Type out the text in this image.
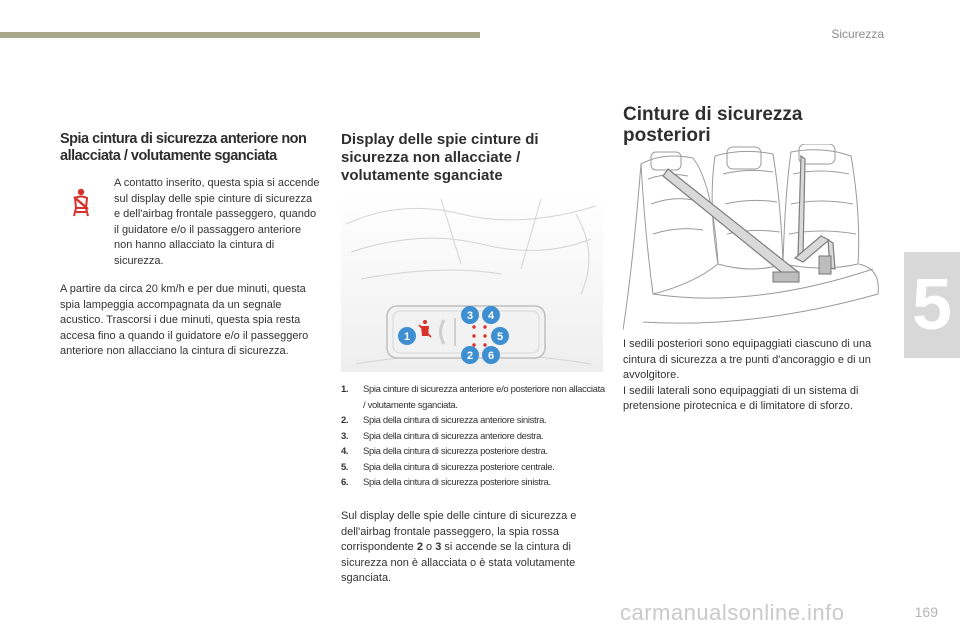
Sicurezza
5
Spia cintura di sicurezza anteriore non allacciata / volutamente sganciata

A contatto inserito, questa spia si accende sul display delle spie cinture di sicurezza e dell'airbag frontale passeggero, quando il guidatore e/o il passaggero anteriore non hanno allacciato la cintura di sicurezza.

A partire da circa 20 km/h e per due minuti, questa spia lampeggia accompagnata da un segnale acustico. Trascorsi i due minuti, questa spia resta accesa fino a quando il guidatore e/o il passeggero anteriore non allacciano la cintura di sicurezza.

Display delle spie cinture di sicurezza non allacciate / volutamente sganciate
1
2
3 4
5
6
1.	Spia cinture di sicurezza anteriore e/o posteriore non allacciata / volutamente sganciata.
2.	Spia della cintura di sicurezza anteriore sinistra.
3.	Spia della cintura di sicurezza anteriore destra.
4.	Spia della cintura di sicurezza posteriore destra.
5.	Spia della cintura di sicurezza posteriore centrale.
6.	Spia della cintura di sicurezza posteriore sinistra.

Sul display delle spie delle cinture di sicurezza e dell'airbag frontale passeggero, la spia rossa corrispondente 2 o 3 si accende se la cintura di sicurezza non è allacciata o è stata volutamente sganciata.

Cinture di sicurezza posteriori

I sedili posteriori sono equipaggiati ciascuno di una cintura di sicurezza a tre punti d'ancoraggio e di un avvolgitore.
I sedili laterali sono equipaggiati di un sistema di pretensione pirotecnica e di limitatore di sforzo.

carmanualsonline.info	169
